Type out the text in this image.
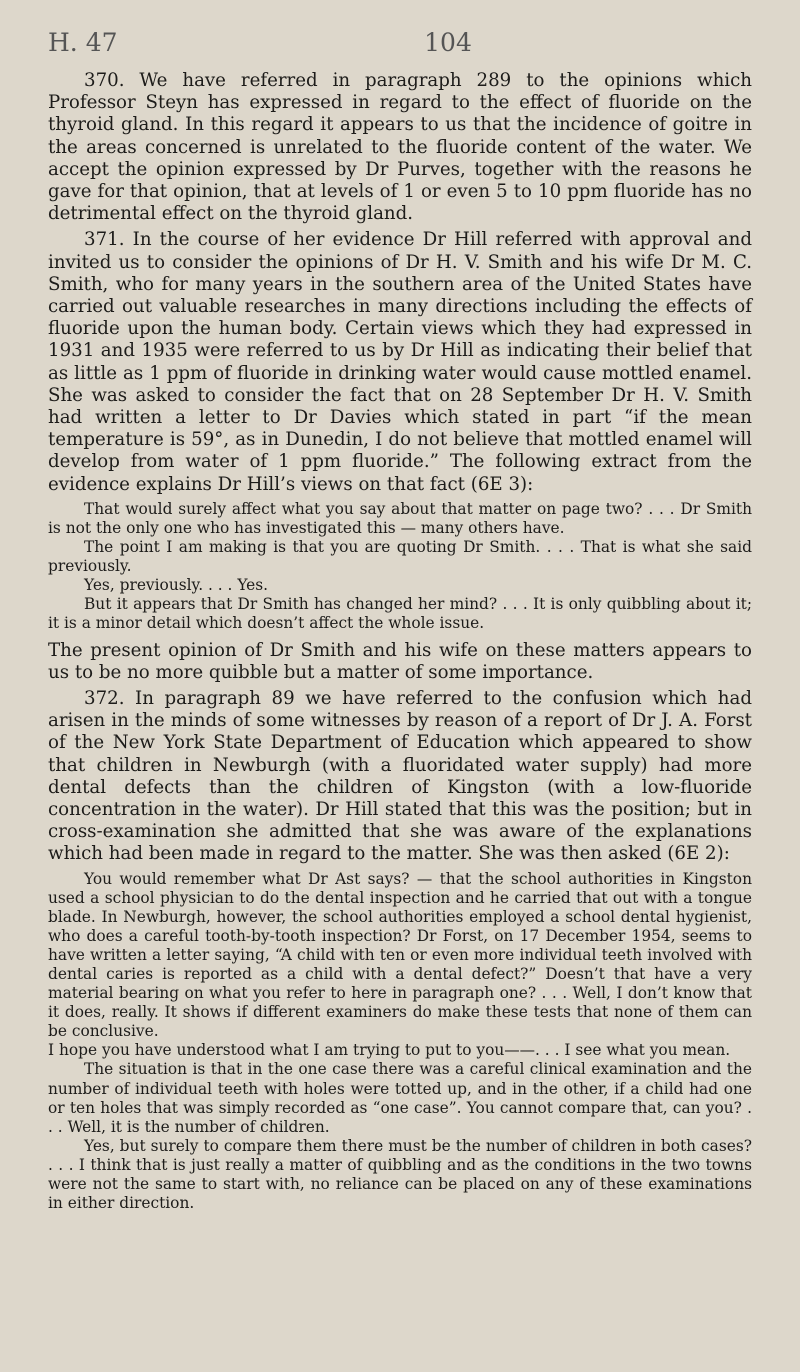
H. 47	104

370. We have referred in paragraph 289 to the opinions which Professor Steyn has expressed in regard to the effect of fluoride on the thyroid gland. In this regard it appears to us that the incidence of goitre in the areas concerned is unrelated to the fluoride content of the water. We accept the opinion expressed by Dr Purves, together with the reasons he gave for that opinion, that at levels of 1 or even 5 to 10 ppm fluoride has no detrimental effect on the thyroid gland.

371. In the course of her evidence Dr Hill referred with approval and invited us to consider the opinions of Dr H. V. Smith and his wife Dr M. C. Smith, who for many years in the southern area of the United States have carried out valuable researches in many directions including the effects of fluoride upon the human body. Certain views which they had expressed in 1931 and 1935 were referred to us by Dr Hill as indicating their belief that as little as 1 ppm of fluoride in drinking water would cause mottled enamel. She was asked to consider the fact that on 28 September Dr H. V. Smith had written a letter to Dr Davies which stated in part “if the mean temperature is 59°, as in Dunedin, I do not believe that mottled enamel will develop from water of 1 ppm fluoride.” The following extract from the evidence explains Dr Hill’s views on that fact (6E 3):

That would surely affect what you say about that matter on page two? . . . Dr Smith is not the only one who has investigated this — many others have.

The point I am making is that you are quoting Dr Smith. . . . That is what she said previously.

Yes, previously. . . . Yes.

But it appears that Dr Smith has changed her mind? . . . It is only quibbling about it; it is a minor detail which doesn’t affect the whole issue.

The present opinion of Dr Smith and his wife on these matters appears to us to be no more quibble but a matter of some importance.

372. In paragraph 89 we have referred to the confusion which had arisen in the minds of some witnesses by reason of a report of Dr J. A. Forst of the New York State Department of Education which appeared to show that children in Newburgh (with a fluoridated water supply) had more dental defects than the children of Kingston (with a low-fluoride concentration in the water). Dr Hill stated that this was the position; but in cross-examination she admitted that she was aware of the explanations which had been made in regard to the matter. She was then asked (6E 2):

You would remember what Dr Ast says? — that the school authorities in Kingston used a school physician to do the dental inspection and he carried that out with a tongue blade. In Newburgh, however, the school authorities employed a school dental hygienist, who does a careful tooth-by-tooth inspection? Dr Forst, on 17 December 1954, seems to have written a letter saying, “A child with ten or even more individual teeth involved with dental caries is reported as a child with a dental defect?” Doesn’t that have a very material bearing on what you refer to here in paragraph one? . . . Well, I don’t know that it does, really. It shows if different examiners do make these tests that none of them can be conclusive.

I hope you have understood what I am trying to put to you——. . . I see what you mean.

The situation is that in the one case there was a careful clinical examination and the number of individual teeth with holes were totted up, and in the other, if a child had one or ten holes that was simply recorded as “one case”. You cannot compare that, can you? . . . Well, it is the number of children.

Yes, but surely to compare them there must be the number of children in both cases? . . . I think that is just really a matter of quibbling and as the conditions in the two towns were not the same to start with, no reliance can be placed on any of these examinations in either direction.
